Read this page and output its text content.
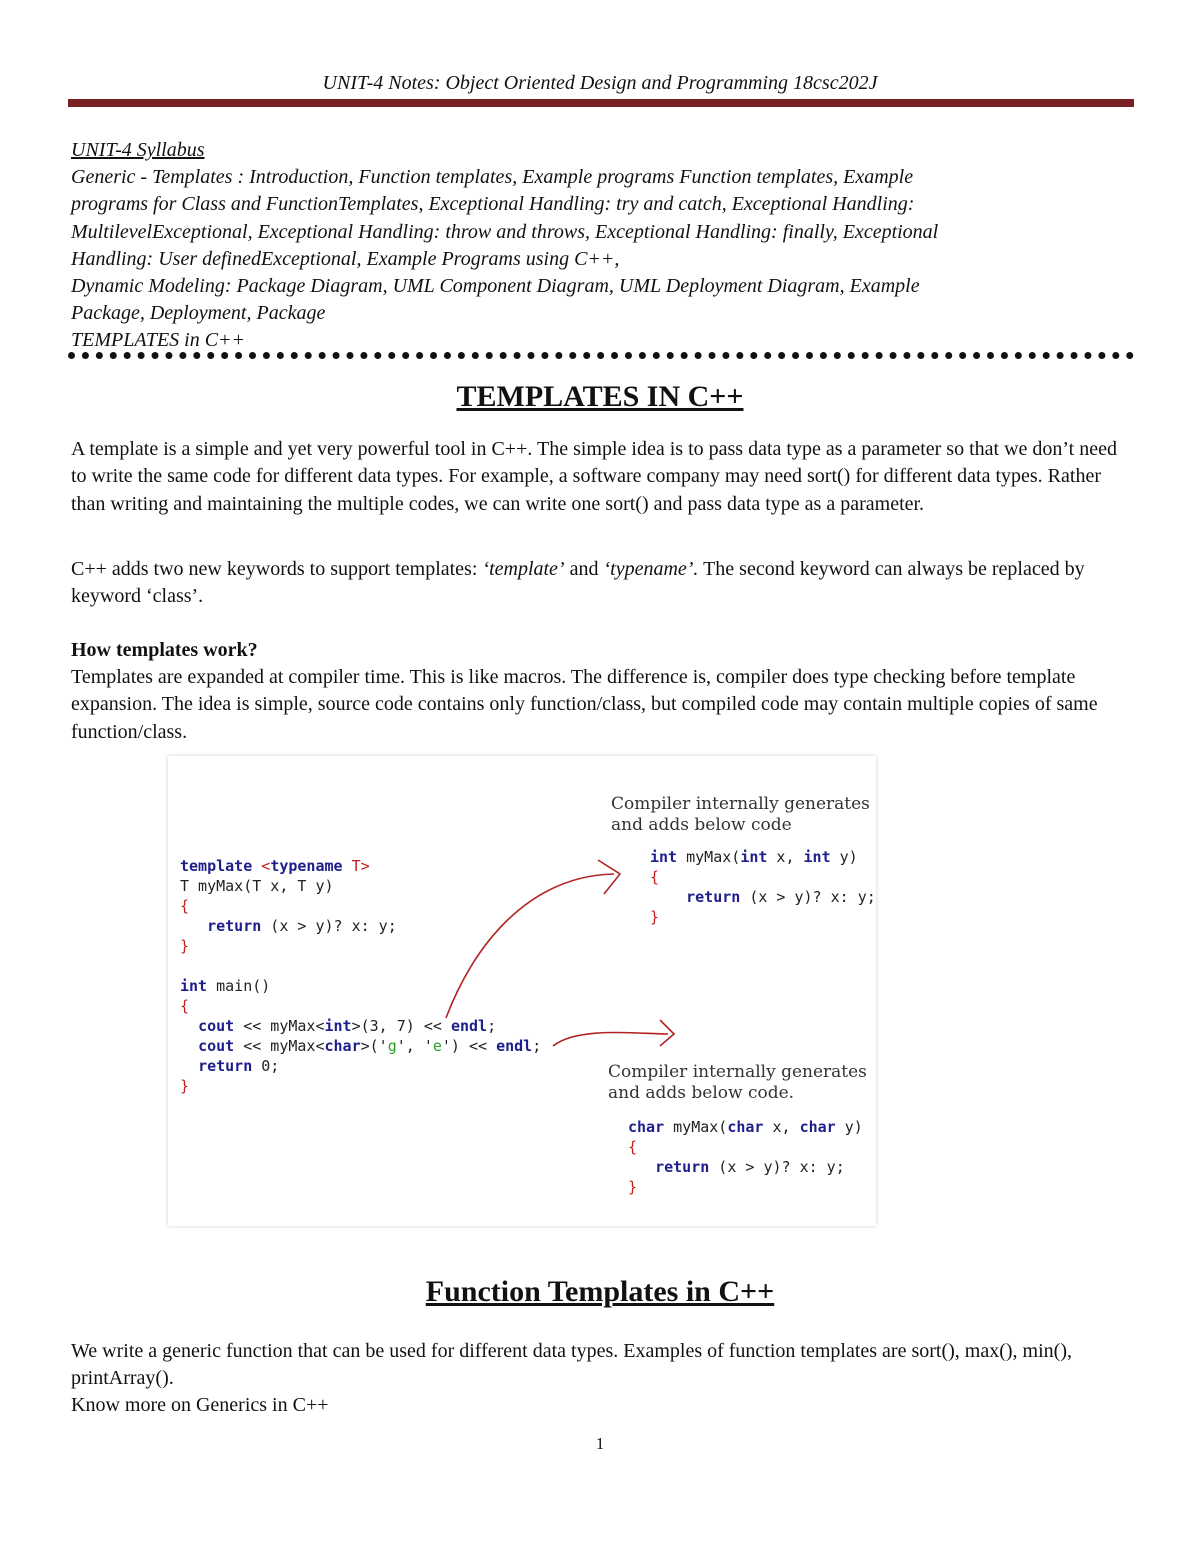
UNIT-4 Notes: Object Oriented Design and Programming 18csc202J
UNIT-4 Syllabus
Generic - Templates : Introduction, Function templates, Example programs Function templates, Example
programs for Class and FunctionTemplates, Exceptional Handling: try and catch, Exceptional Handling:
MultilevelExceptional, Exceptional Handling: throw and throws, Exceptional Handling: finally, Exceptional
Handling: User definedExceptional, Example Programs using C++,
Dynamic Modeling: Package Diagram, UML Component Diagram, UML Deployment Diagram, Example
Package, Deployment, Package
TEMPLATES in C++
TEMPLATES IN C++

A template is a simple and yet very powerful tool in C++. The simple idea is to pass data type as a parameter so that we don’t need to write the same code for different data types. For example, a software company may need sort() for different data types. Rather than writing and maintaining the multiple codes, we can write one sort() and pass data type as a parameter.

C++ adds two new keywords to support templates: ‘template’ and ‘typename’. The second keyword can always be replaced by keyword ‘class’.

How templates work?

Templates are expanded at compiler time. This is like macros. The difference is, compiler does type checking before template expansion. The idea is simple, source code contains only function/class, but compiled code may contain multiple copies of same function/class.

Compiler internally generates
and adds below code
int myMax(int x, int y)
{
return (x > y)? x: y;
}
template <typename T>
T myMax(T x, T y)
{
return (x > y)? x: y;
}

int main()
{
cout << myMax<int>(3, 7) << endl;
cout << myMax<char>('g', 'e') << endl;
return 0;
}
Compiler internally generates
and adds below code.
char myMax(char x, char y)
{
return (x > y)? x: y;
}
Function Templates in C++

We write a generic function that can be used for different data types. Examples of function templates are sort(), max(), min(), printArray().

Know more on Generics in C++

1
